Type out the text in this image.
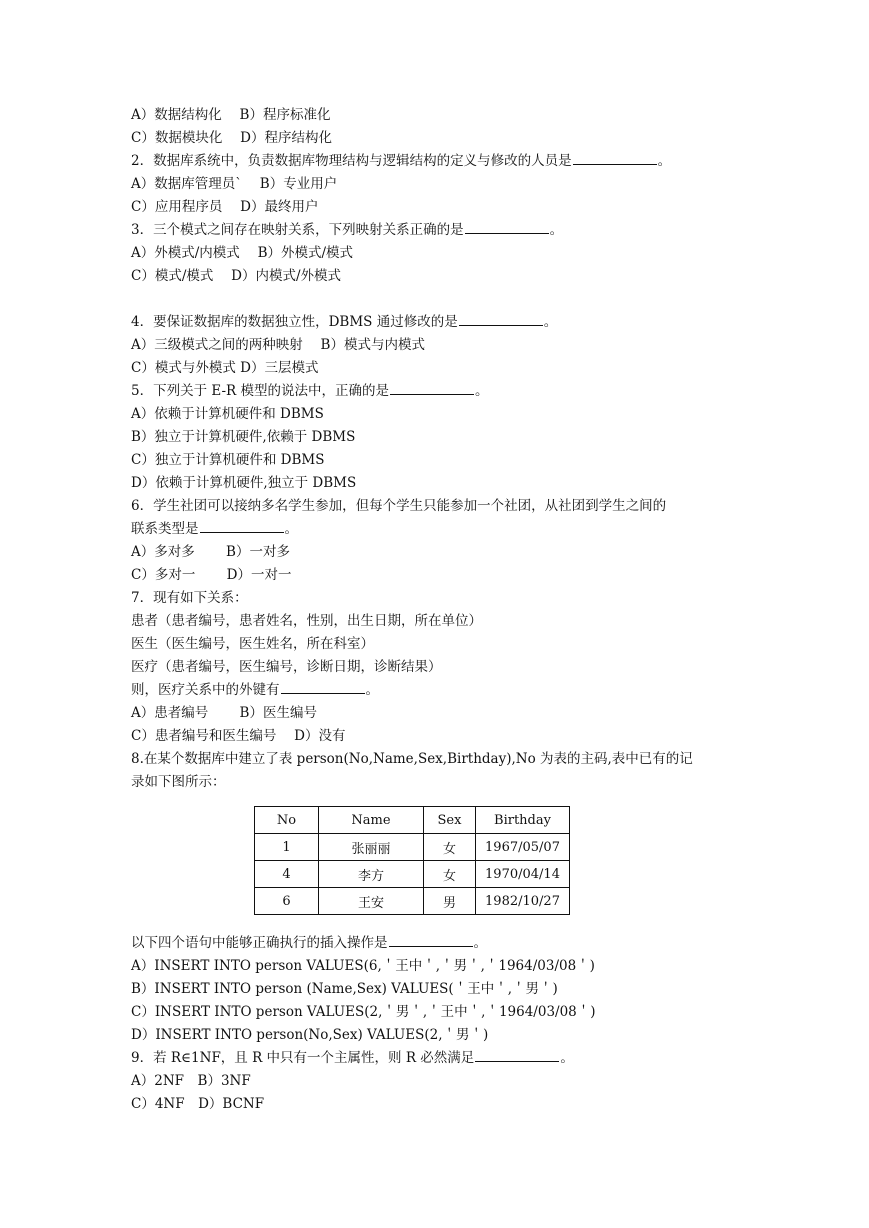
A）数据结构化　 B）程序标准化
C）数据模块化　 D）程序结构化
2．数据库系统中，负责数据库物理结构与逻辑结构的定义与修改的人员是	。
A）数据库管理员`　 B）专业用户
C）应用程序员　 D）最终用户
3．三个模式之间存在映射关系，下列映射关系正确的是	。
A）外模式/内模式　 B）外模式/模式
C）模式/模式　 D）内模式/外模式
4．要保证数据库的数据独立性，DBMS 通过修改的是	。
A）三级模式之间的两种映射　 B）模式与内模式
C）模式与外模式 D）三层模式
5．下列关于 E-R 模型的说法中，正确的是	。
A）依赖于计算机硬件和 DBMS
B）独立于计算机硬件,依赖于 DBMS
C）独立于计算机硬件和 DBMS
D）依赖于计算机硬件,独立于 DBMS
6．学生社团可以接纳多名学生参加，但每个学生只能参加一个社团，从社团到学生之间的
联系类型是	。
A）多对多　　 B）一对多
C）多对一　　 D）一对一
7．现有如下关系：
患者（患者编号，患者姓名，性别，出生日期，所在单位）
医生（医生编号，医生姓名，所在科室）
医疗（患者编号，医生编号，诊断日期，诊断结果）
则，医疗关系中的外键有	。
A）患者编号　　 B）医生编号
C）患者编号和医生编号　 D）没有
8.在某个数据库中建立了表 person(No,Name,Sex,Birthday),No 为表的主码,表中已有的记
录如下图所示：
No	Name	Sex	Birthday
1	张丽丽	女	1967/05/07
4	李方	女	1970/04/14
6	王安	男	1982/10/27
以下四个语句中能够正确执行的插入操作是	。
A）INSERT INTO person VALUES(6,＇王中＇,＇男＇,＇1964/03/08＇)
B）INSERT INTO person (Name,Sex) VALUES(＇王中＇,＇男＇)
C）INSERT INTO person VALUES(2,＇男＇,＇王中＇,＇1964/03/08＇)
D）INSERT INTO person(No,Sex) VALUES(2,＇男＇)
9．若 R∈1NF，且 R 中只有一个主属性，则 R 必然满足	。
A）2NF　B）3NF
C）4NF　D）BCNF
